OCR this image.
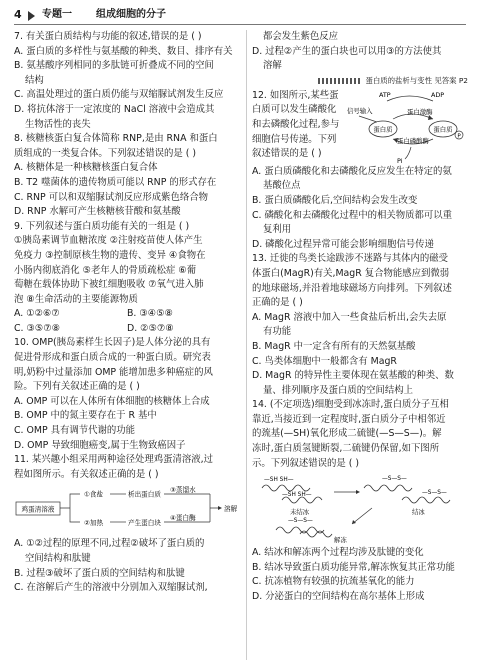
4 专题一 组成细胞的分子
7. 有关蛋白质结构与功能的叙述,错误的是 ( )
A. 蛋白质的多样性与氨基酸的种类、数目、排序有关
B. 氨基酸序列相同的多肽链可折叠成不同的空间
结构
C. 高温处理过的蛋白质仍能与双缩脲试剂发生反应
D. 将抗体溶于一定浓度的 NaCl 溶液中会造成其
生物活性的丧失
8. 核糖核蛋白复合体简称 RNP,是由 RNA 和蛋白
质组成的一类复合体。下列叙述错误的是 ( )
A. 核糖体是一种核糖核蛋白复合体
B. T2 噬菌体的遗传物质可能以 RNP 的形式存在
C. RNP 可以和双缩脲试剂反应形成紫色络合物
D. RNP 水解可产生核糖核苷酸和氨基酸
9. 下列叙述与蛋白质功能有关的一组是 ( )
①胰岛素调节血糖浓度 ②注射疫苗使人体产生
免疫力 ③控制原核生物的遗传、变异 ④食物在
小肠内彻底消化 ⑤老年人的骨质疏松症 ⑥葡
萄糖在载体协助下被红细胞吸收 ⑦氧气进入肺
泡 ⑧生命活动的主要能源物质
A. ①②⑥⑦	B. ③④⑤⑧
C. ③⑤⑦⑧	D. ②⑤⑦⑧
10. OMP(胰岛素样生长因子)是人体分泌的具有
促进骨形成和蛋白质合成的一种蛋白质。研究表
明,奶粉中过量添加 OMP 能增加患多种癌症的风
险。下列有关叙述正确的是 ( )
A. OMP 可以在人体所有体细胞的核糖体上合成
B. OMP 中的氮主要存在于 R 基中
C. OMP 具有调节代谢的功能
D. OMP 导致细胞癌变,属于生物致癌因子
11. 某兴趣小组采用两种途径处理鸡蛋清溶液,过
程如图所示。有关叙述正确的是 ( )
鸡蛋清溶液
①食盐
②加热
析出蛋白质
产生蛋白块
③蒸馏水
④蛋白酶
溶解
A. ①②过程的原理不同,过程②破坏了蛋白质的
空间结构和肽键
B. 过程③破坏了蛋白质的空间结构和肽键
C. 在溶解后产生的溶液中分别加入双缩脲试剂,
都会发生紫色反应
D. 过程②产生的蛋白块也可以用③的方法使其
溶解
蛋白质的盐析与变性 见答案 P2
12. 如图所示,某些蛋
白质可以发生磷酸化
和去磷酸化过程,参与
细胞信号传递。下列
叙述错误的是 ( )
ATP	ADP
信号输入	蛋白激酶
蛋白质	蛋白质
P
蛋白磷酸酶
Pi
A. 蛋白质磷酸化和去磷酸化反应发生在特定的氨
基酸位点
B. 蛋白质磷酸化后,空间结构会发生改变
C. 磷酸化和去磷酸化过程中的相关物质都可以重
复利用
D. 磷酸化过程异常可能会影响细胞信号传递
13. 迁徙的鸟类长途跋涉不迷路与其体内的磁受
体蛋白(MagR)有关,MagR 复合物能感应到微弱
的地球磁场,并沿着地球磁场方向排列。下列叙述
正确的是 ( )
A. MagR 溶液中加入一些食盐后析出,会失去原
有功能
B. MagR 中一定含有所有的天然氨基酸
C. 鸟类体细胞中一般都含有 MagR
D. MagR 的特异性主要体现在氨基酸的种类、数
量、排列顺序及蛋白质的空间结构上
14. (不定项选)细胞受到冰冻时,蛋白质分子互相
靠近,当接近到一定程度时,蛋白质分子中相邻近
的巯基(—SH)氧化形成二硫键(—S—S—)。解
冻时,蛋白质氢键断裂,二硫键仍保留,如下图所
示。下列叙述错误的是 ( )
—SH SH—
—SH SH—
未结冰
—S—S—
—S—S—
结冰
—S—S—
解冻
A. 结冰和解冻两个过程均涉及肽键的变化
B. 结冰导致蛋白质功能异常,解冻恢复其正常功能
C. 抗冻植物有较强的抗巯基氧化的能力
D. 分泌蛋白的空间结构在高尔基体上形成
